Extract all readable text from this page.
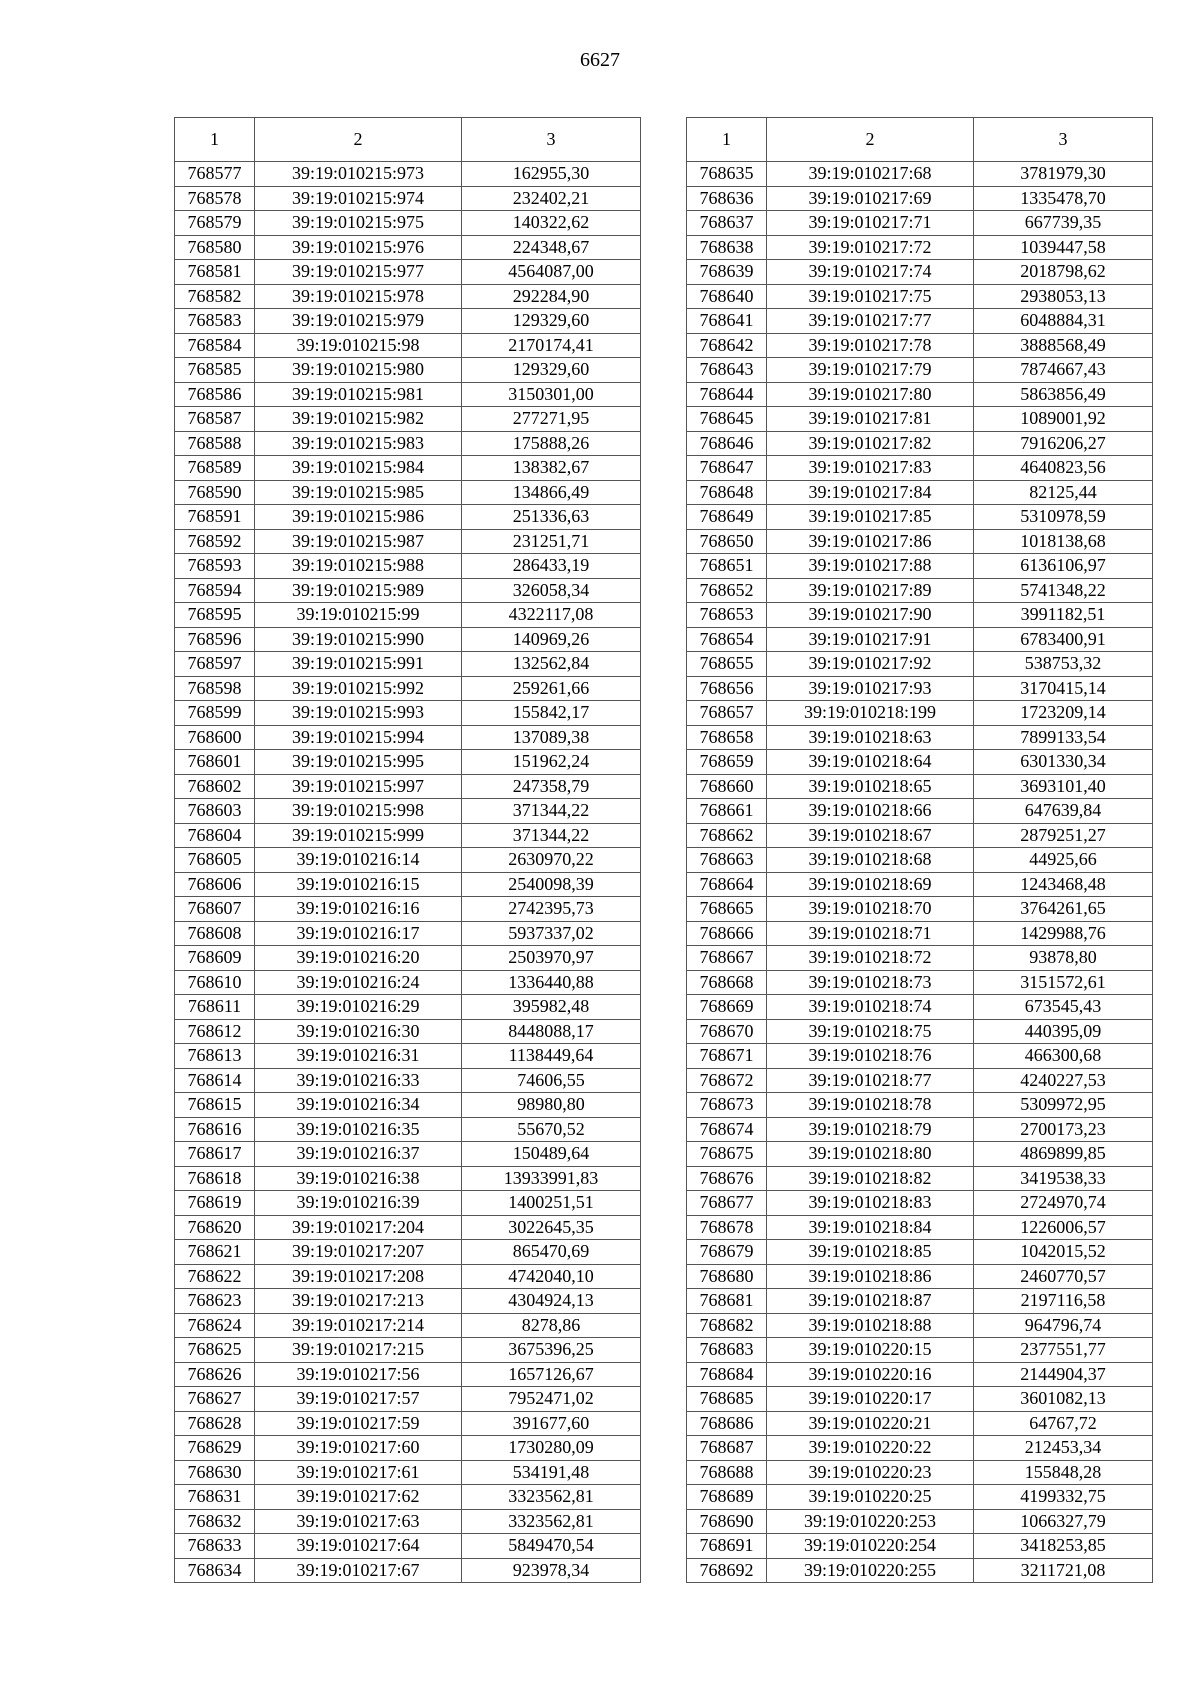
6627
1	2	3
768577	39:19:010215:973	162955,30
768578	39:19:010215:974	232402,21
768579	39:19:010215:975	140322,62
768580	39:19:010215:976	224348,67
768581	39:19:010215:977	4564087,00
768582	39:19:010215:978	292284,90
768583	39:19:010215:979	129329,60
768584	39:19:010215:98	2170174,41
768585	39:19:010215:980	129329,60
768586	39:19:010215:981	3150301,00
768587	39:19:010215:982	277271,95
768588	39:19:010215:983	175888,26
768589	39:19:010215:984	138382,67
768590	39:19:010215:985	134866,49
768591	39:19:010215:986	251336,63
768592	39:19:010215:987	231251,71
768593	39:19:010215:988	286433,19
768594	39:19:010215:989	326058,34
768595	39:19:010215:99	4322117,08
768596	39:19:010215:990	140969,26
768597	39:19:010215:991	132562,84
768598	39:19:010215:992	259261,66
768599	39:19:010215:993	155842,17
768600	39:19:010215:994	137089,38
768601	39:19:010215:995	151962,24
768602	39:19:010215:997	247358,79
768603	39:19:010215:998	371344,22
768604	39:19:010215:999	371344,22
768605	39:19:010216:14	2630970,22
768606	39:19:010216:15	2540098,39
768607	39:19:010216:16	2742395,73
768608	39:19:010216:17	5937337,02
768609	39:19:010216:20	2503970,97
768610	39:19:010216:24	1336440,88
768611	39:19:010216:29	395982,48
768612	39:19:010216:30	8448088,17
768613	39:19:010216:31	1138449,64
768614	39:19:010216:33	74606,55
768615	39:19:010216:34	98980,80
768616	39:19:010216:35	55670,52
768617	39:19:010216:37	150489,64
768618	39:19:010216:38	13933991,83
768619	39:19:010216:39	1400251,51
768620	39:19:010217:204	3022645,35
768621	39:19:010217:207	865470,69
768622	39:19:010217:208	4742040,10
768623	39:19:010217:213	4304924,13
768624	39:19:010217:214	8278,86
768625	39:19:010217:215	3675396,25
768626	39:19:010217:56	1657126,67
768627	39:19:010217:57	7952471,02
768628	39:19:010217:59	391677,60
768629	39:19:010217:60	1730280,09
768630	39:19:010217:61	534191,48
768631	39:19:010217:62	3323562,81
768632	39:19:010217:63	3323562,81
768633	39:19:010217:64	5849470,54
768634	39:19:010217:67	923978,34
1	2	3
768635	39:19:010217:68	3781979,30
768636	39:19:010217:69	1335478,70
768637	39:19:010217:71	667739,35
768638	39:19:010217:72	1039447,58
768639	39:19:010217:74	2018798,62
768640	39:19:010217:75	2938053,13
768641	39:19:010217:77	6048884,31
768642	39:19:010217:78	3888568,49
768643	39:19:010217:79	7874667,43
768644	39:19:010217:80	5863856,49
768645	39:19:010217:81	1089001,92
768646	39:19:010217:82	7916206,27
768647	39:19:010217:83	4640823,56
768648	39:19:010217:84	82125,44
768649	39:19:010217:85	5310978,59
768650	39:19:010217:86	1018138,68
768651	39:19:010217:88	6136106,97
768652	39:19:010217:89	5741348,22
768653	39:19:010217:90	3991182,51
768654	39:19:010217:91	6783400,91
768655	39:19:010217:92	538753,32
768656	39:19:010217:93	3170415,14
768657	39:19:010218:199	1723209,14
768658	39:19:010218:63	7899133,54
768659	39:19:010218:64	6301330,34
768660	39:19:010218:65	3693101,40
768661	39:19:010218:66	647639,84
768662	39:19:010218:67	2879251,27
768663	39:19:010218:68	44925,66
768664	39:19:010218:69	1243468,48
768665	39:19:010218:70	3764261,65
768666	39:19:010218:71	1429988,76
768667	39:19:010218:72	93878,80
768668	39:19:010218:73	3151572,61
768669	39:19:010218:74	673545,43
768670	39:19:010218:75	440395,09
768671	39:19:010218:76	466300,68
768672	39:19:010218:77	4240227,53
768673	39:19:010218:78	5309972,95
768674	39:19:010218:79	2700173,23
768675	39:19:010218:80	4869899,85
768676	39:19:010218:82	3419538,33
768677	39:19:010218:83	2724970,74
768678	39:19:010218:84	1226006,57
768679	39:19:010218:85	1042015,52
768680	39:19:010218:86	2460770,57
768681	39:19:010218:87	2197116,58
768682	39:19:010218:88	964796,74
768683	39:19:010220:15	2377551,77
768684	39:19:010220:16	2144904,37
768685	39:19:010220:17	3601082,13
768686	39:19:010220:21	64767,72
768687	39:19:010220:22	212453,34
768688	39:19:010220:23	155848,28
768689	39:19:010220:25	4199332,75
768690	39:19:010220:253	1066327,79
768691	39:19:010220:254	3418253,85
768692	39:19:010220:255	3211721,08
